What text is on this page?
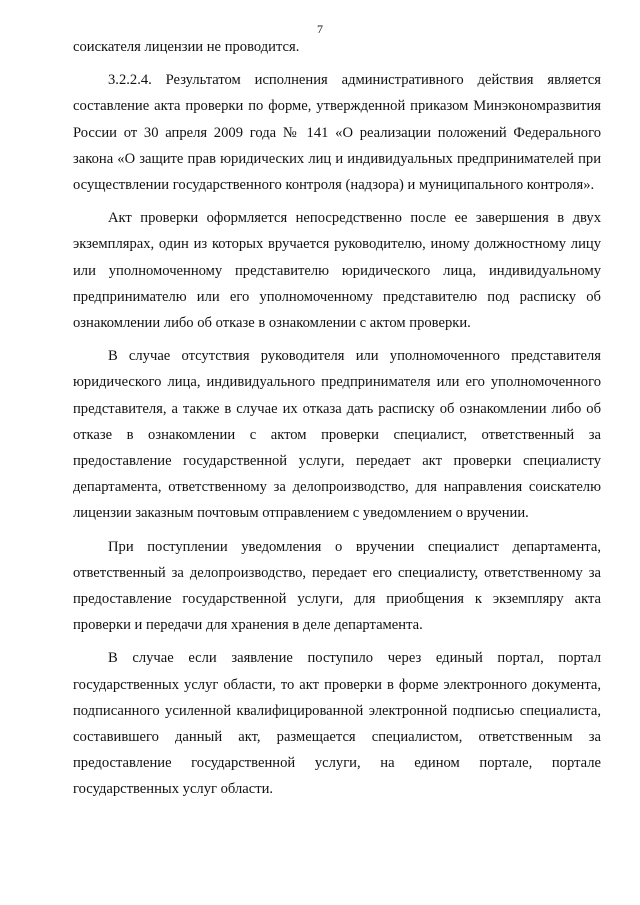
7

соискателя лицензии не проводится.

3.2.2.4. Результатом исполнения административного действия является составление акта проверки по форме, утвержденной приказом Минэкономразвития России от 30 апреля 2009 года № 141 «О реализации положений Федерального закона «О защите прав юридических лиц и индивидуальных предпринимателей при осуществлении государственного контроля (надзора) и муниципального контроля».

Акт проверки оформляется непосредственно после ее завершения в двух экземплярах, один из которых вручается руководителю, иному должностному лицу или уполномоченному представителю юридического лица, индивидуальному предпринимателю или его уполномоченному представителю под расписку об ознакомлении либо об отказе в ознакомлении с актом проверки.

В случае отсутствия руководителя или уполномоченного представителя юридического лица, индивидуального предпринимателя или его уполномоченного представителя, а также в случае их отказа дать расписку об ознакомлении либо об отказе в ознакомлении с актом проверки специалист, ответственный за предоставление государственной услуги, передает акт проверки специалисту департамента, ответственному за делопроизводство, для направления соискателю лицензии заказным почтовым отправлением с уведомлением о вручении.

При поступлении уведомления о вручении специалист департамента, ответственный за делопроизводство, передает его специалисту, ответственному за предоставление государственной услуги, для приобщения к экземпляру акта проверки и передачи для хранения в деле департамента.

В случае если заявление поступило через единый портал, портал государственных услуг области, то акт проверки в форме электронного документа, подписанного усиленной квалифицированной электронной подписью специалиста, составившего данный акт, размещается специалистом, ответственным за предоставление государственной услуги, на едином портале, портале государственных услуг области.
